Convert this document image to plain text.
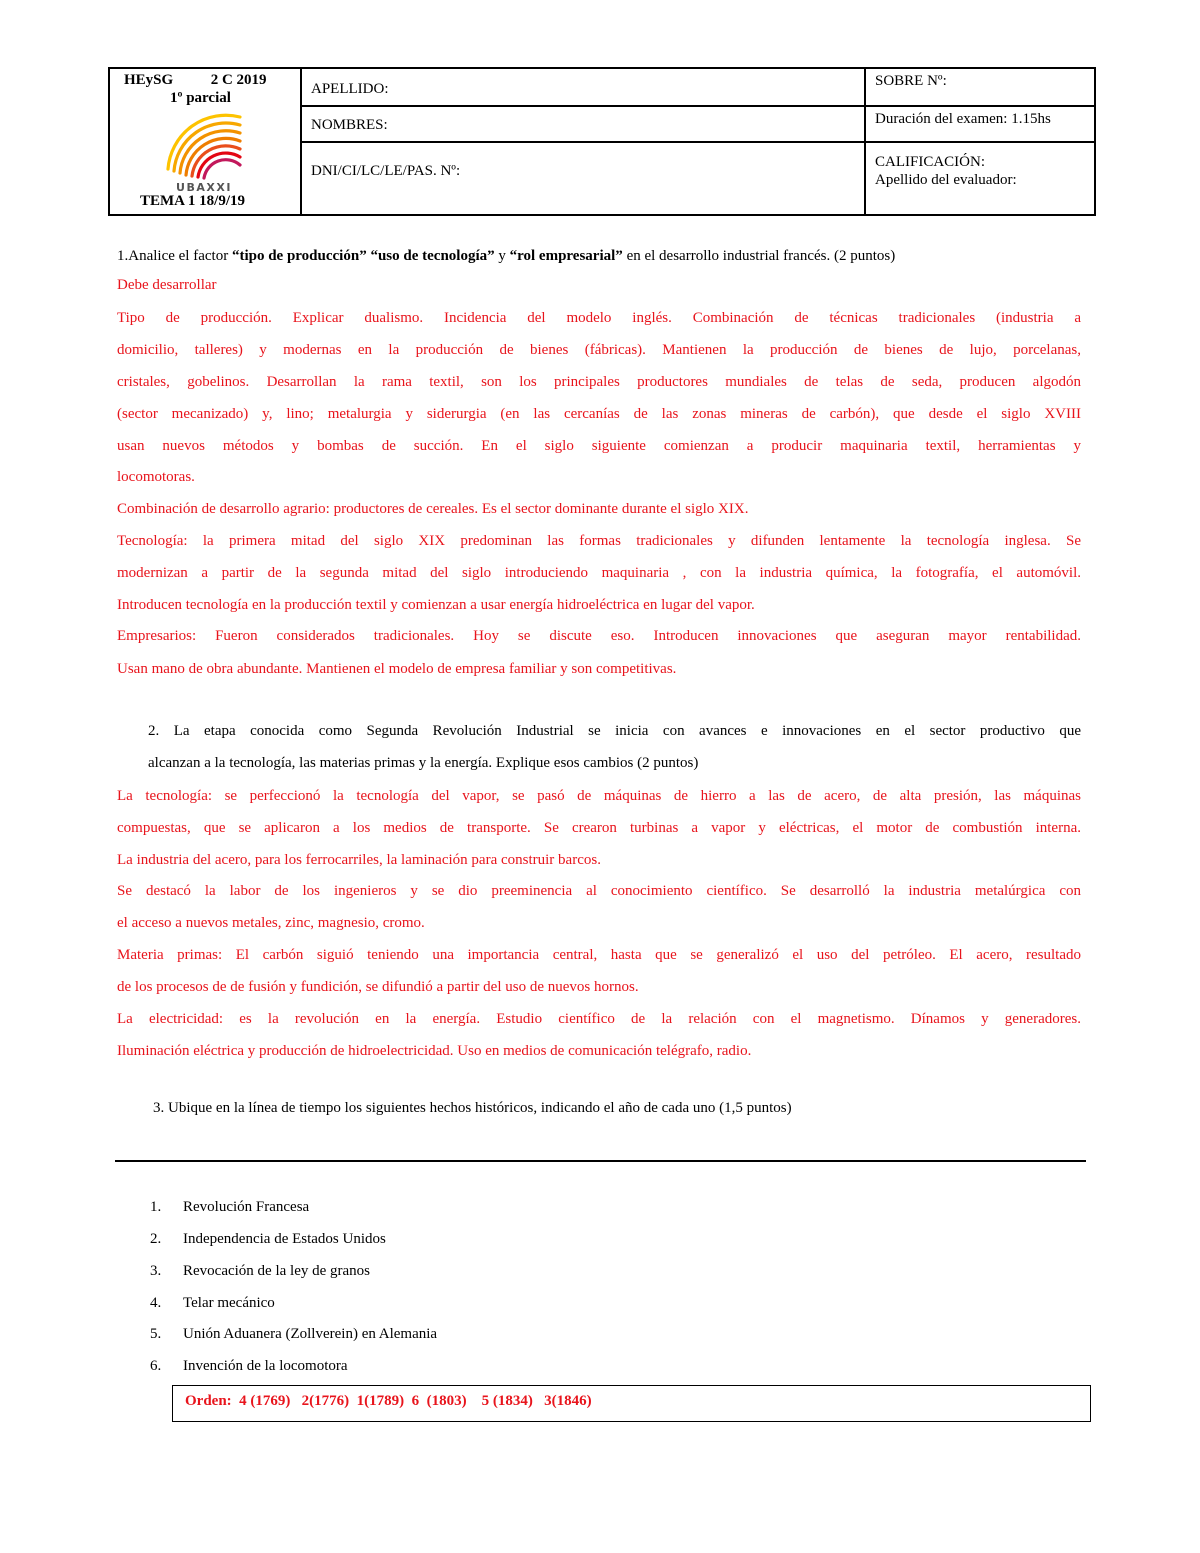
HEySG	2 C 2019
1º parcial
UBAXXI
TEMA 1 18/9/19
APELLIDO:
NOMBRES:
DNI/CI/LC/LE/PAS. Nº:
SOBRE Nº:
Duración del examen: 1.15hs
CALIFICACIÓN:
Apellido del evaluador:
1.Analice el factor “tipo de producción” “uso de tecnología” y “rol empresarial” en el desarrollo industrial francés. (2 puntos)
Debe desarrollar
Tipo de producción. Explicar dualismo. Incidencia del modelo inglés. Combinación de técnicas tradicionales (industria a
domicilio, talleres) y modernas en la producción de bienes (fábricas). Mantienen la producción de bienes de lujo, porcelanas,
cristales, gobelinos. Desarrollan la rama textil, son los principales productores mundiales de telas de seda, producen algodón
(sector mecanizado) y, lino; metalurgia y siderurgia (en las cercanías de las zonas mineras de carbón), que desde el siglo XVIII
usan nuevos métodos y bombas de succión. En el siglo siguiente comienzan a producir maquinaria textil, herramientas y
locomotoras.
Combinación de desarrollo agrario: productores de cereales. Es el sector dominante durante el siglo XIX.
Tecnología: la primera mitad del siglo XIX predominan las formas tradicionales y difunden lentamente la tecnología inglesa. Se
modernizan a partir de la segunda mitad del siglo introduciendo maquinaria , con la industria química, la fotografía, el automóvil.
Introducen tecnología en la producción textil y comienzan a usar energía hidroeléctrica en lugar del vapor.
Empresarios: Fueron considerados tradicionales. Hoy se discute eso. Introducen innovaciones que aseguran mayor rentabilidad.
Usan mano de obra abundante. Mantienen el modelo de empresa familiar y son competitivas.
2. La etapa conocida como Segunda Revolución Industrial se inicia con avances e innovaciones en el sector productivo que
alcanzan a la tecnología, las materias primas y la energía. Explique esos cambios (2 puntos)
La tecnología: se perfeccionó la tecnología del vapor, se pasó de máquinas de hierro a las de acero, de alta presión, las máquinas
compuestas, que se aplicaron a los medios de transporte. Se crearon turbinas a vapor y eléctricas, el motor de combustión interna.
La industria del acero, para los ferrocarriles, la laminación para construir barcos.
Se destacó la labor de los ingenieros y se dio preeminencia al conocimiento científico. Se desarrolló la industria metalúrgica con
el acceso a nuevos metales, zinc, magnesio, cromo.
Materia primas: El carbón siguió teniendo una importancia central, hasta que se generalizó el uso del petróleo. El acero, resultado
de los procesos de de fusión y fundición, se difundió a partir del uso de nuevos hornos.
La electricidad: es la revolución en la energía. Estudio científico de la relación con el magnetismo. Dínamos y generadores.
Iluminación eléctrica y producción de hidroelectricidad. Uso en medios de comunicación telégrafo, radio.
3. Ubique en la línea de tiempo los siguientes hechos históricos, indicando el año de cada uno (1,5 puntos)
1. Revolución Francesa
2. Independencia de Estados Unidos
3. Revocación de la ley de granos
4. Telar mecánico
5. Unión Aduanera (Zollverein) en Alemania
6. Invención de la locomotora
Orden:  4 (1769)   2(1776)  1(1789)  6  (1803)    5 (1834)   3(1846)
